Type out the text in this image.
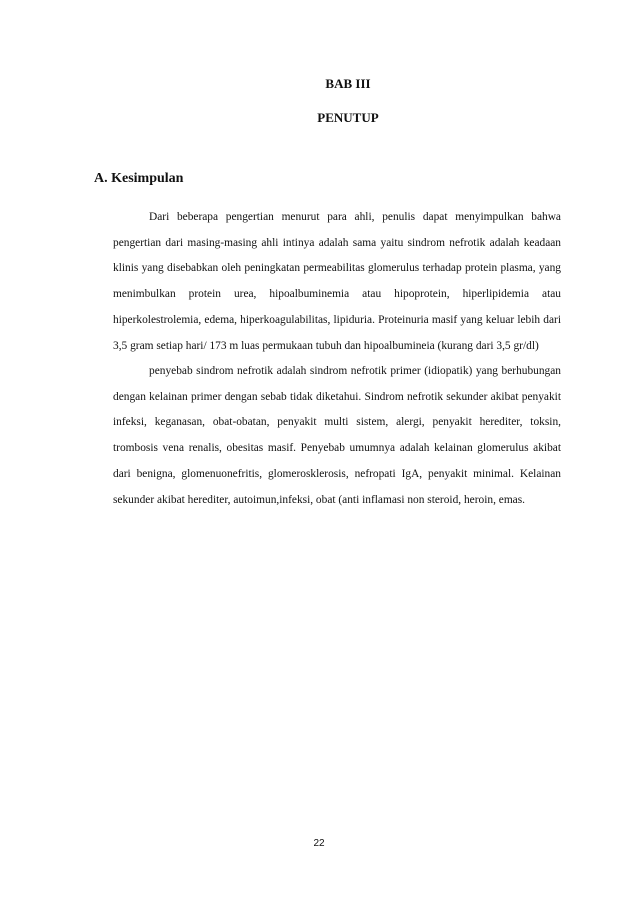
BAB III
PENUTUP
A. Kesimpulan

Dari beberapa pengertian menurut para ahli, penulis dapat menyimpulkan bahwa pengertian dari masing-masing ahli intinya adalah sama yaitu sindrom nefrotik adalah keadaan klinis yang disebabkan oleh peningkatan permeabilitas glomerulus terhadap protein plasma, yang menimbulkan protein urea, hipoalbuminemia atau hipoprotein, hiperlipidemia atau hiperkolestrolemia, edema, hiperkoagulabilitas, lipiduria. Proteinuria masif yang keluar lebih dari 3,5 gram setiap hari/ 173 m luas permukaan tubuh dan hipoalbumineia (kurang dari 3,5 gr/dl)

penyebab sindrom nefrotik adalah sindrom nefrotik primer (idiopatik) yang berhubungan dengan kelainan primer dengan sebab tidak diketahui. Sindrom nefrotik sekunder akibat penyakit infeksi, keganasan, obat-obatan, penyakit multi sistem, alergi, penyakit herediter, toksin, trombosis vena renalis, obesitas masif. Penyebab umumnya adalah kelainan glomerulus akibat dari benigna, glomenuonefritis, glomerosklerosis, nefropati IgA, penyakit minimal. Kelainan sekunder akibat herediter, autoimun,infeksi, obat (anti inflamasi non steroid, heroin, emas.

22
